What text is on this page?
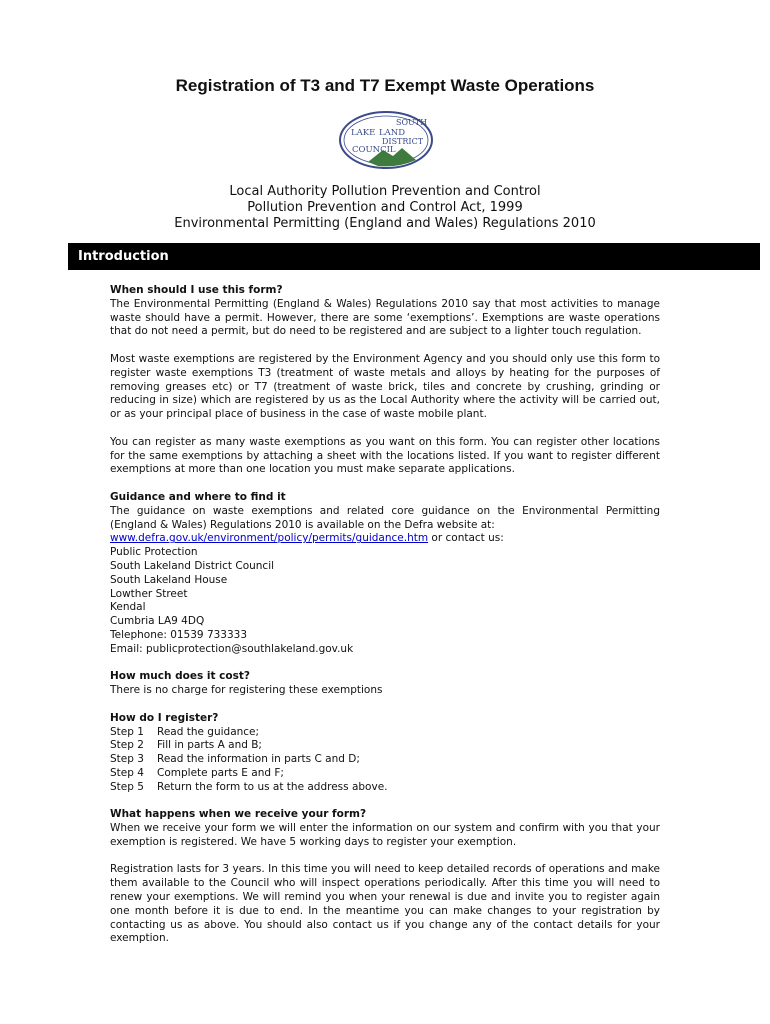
Registration of T3 and T7 Exempt Waste Operations
SOUTH
LAKE LAND
DISTRICT
COUNCIL
Local Authority Pollution Prevention and Control
Pollution Prevention and Control Act, 1999
Environmental Permitting (England and Wales) Regulations 2010
Introduction
When should I use this form?

The Environmental Permitting (England & Wales) Regulations 2010 say that most activities to manage waste should have a permit. However, there are some ‘exemptions’. Exemptions are waste operations that do not need a permit, but do need to be registered and are subject to a lighter touch regulation.

Most waste exemptions are registered by the Environment Agency and you should only use this form to register waste exemptions T3 (treatment of waste metals and alloys by heating for the purposes of removing greases etc) or T7 (treatment of waste brick, tiles and concrete by crushing, grinding or reducing in size) which are registered by us as the Local Authority where the activity will be carried out, or as your principal place of business in the case of waste mobile plant.

You can register as many waste exemptions as you want on this form. You can register other locations for the same exemptions by attaching a sheet with the locations listed. If you want to register different exemptions at more than one location you must make separate applications.

Guidance and where to find it

The guidance on waste exemptions and related core guidance on the Environmental Permitting (England & Wales) Regulations 2010 is available on the Defra website at:
www.defra.gov.uk/environment/policy/permits/guidance.htm or contact us:

Public Protection
South Lakeland District Council
South Lakeland House
Lowther Street
Kendal
Cumbria LA9 4DQ
Telephone: 01539 733333
Email: publicprotection@southlakeland.gov.uk
How much does it cost?

There is no charge for registering these exemptions

How do I register?
Step 1	Read the guidance;
Step 2	Fill in parts A and B;
Step 3	Read the information in parts C and D;
Step 4	Complete parts E and F;
Step 5	Return the form to us at the address above.
What happens when we receive your form?

When we receive your form we will enter the information on our system and confirm with you that your exemption is registered. We have 5 working days to register your exemption.

Registration lasts for 3 years. In this time you will need to keep detailed records of operations and make them available to the Council who will inspect operations periodically. After this time you will need to renew your exemptions. We will remind you when your renewal is due and invite you to register again one month before it is due to end. In the meantime you can make changes to your registration by contacting us as above. You should also contact us if you change any of the contact details for your exemption.
